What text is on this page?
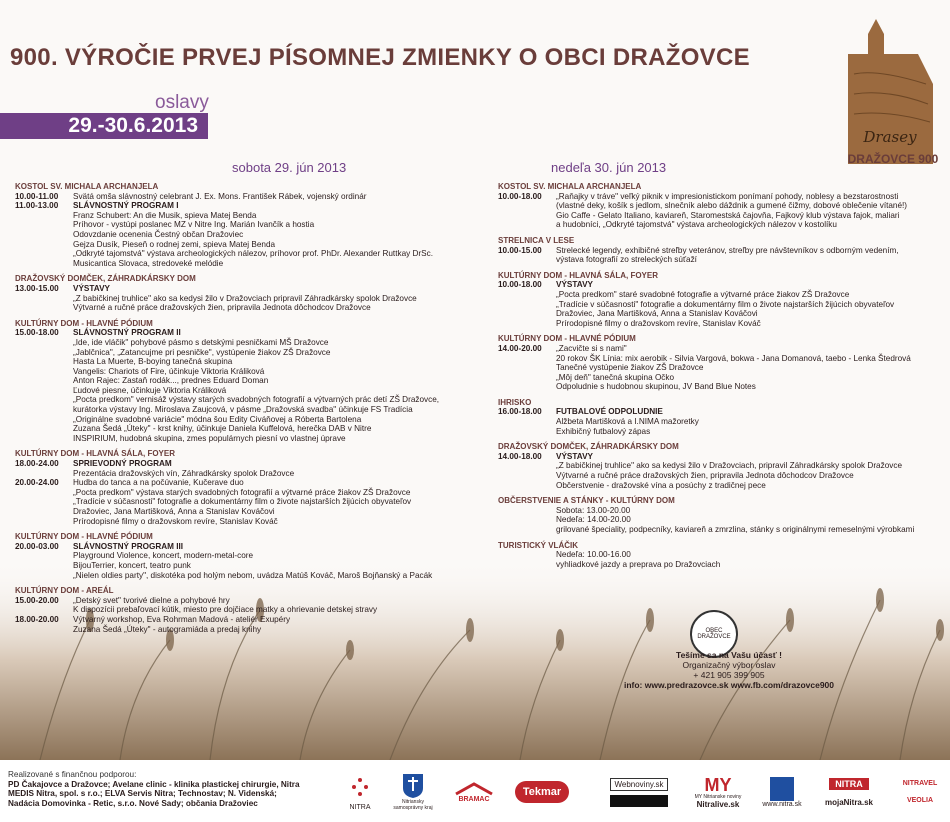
900. VÝROČIE PRVEJ PÍSOMNEJ ZMIENKY O OBCI DRAŽOVCE
oslavy
29.-30.6.2013	Drasey
DRAŽOVCE 900
sobota 29. jún 2013	nedeľa 30. jún 2013
KOSTOL SV. MICHALA ARCHANJELA
10.00-11.00	Svätá omša slávnostný celebrant J. Ex. Mons. František Rábek, vojenský ordinár
11.00-13.00	SLÁVNOSTNÝ PROGRAM I
Franz Schubert: An die Musik, spieva Matej Benda
Príhovor - vystúpi poslanec MZ v Nitre Ing. Marián Ivančík a hostia
Odovzdanie ocenenia Čestný občan Dražoviec
Gejza Dusík, Pieseň o rodnej zemi, spieva Matej Benda
„Odkryté tajomstvá" výstava archeologických nálezov, príhovor prof. PhDr. Alexander Ruttkay DrSc.
Musicantica Slovaca, stredoveké melódie
DRAŽOVSKÝ DOMČEK, ZÁHRADKÁRSKY DOM
13.00-15.00	VÝSTAVY
„Z babičkinej truhlice" ako sa kedysi žilo v Dražovciach pripravil Záhradkársky spolok Dražovce
Výtvarné a ručné práce dražovských žien, pripravila Jednota dôchodcov Dražovce
KULTÚRNY DOM - HLAVNÉ PÓDIUM
15.00-18.00	SLÁVNOSTNÝ PROGRAM II
„Ide, ide vláčik" pohybové pásmo s detskými pesničkami MŠ Dražovce
„Jablčnica", „Zatancujme pri pesničke", vystúpenie žiakov ZŠ Dražovce
Hasta La Muerte, B-boying tanečná skupina
Vangelis: Chariots of Fire, účinkuje Viktoria Králiková
Anton Rajec: Zastaň rodák..., prednes Eduard Doman
Ľudové piesne, účinkuje Viktoria Králiková
„Pocta predkom" vernisáž výstavy starých svadobných fotografií a výtvarných prác detí ZŠ Dražovce,
kurátorka výstavy Ing. Miroslava Zaujcová, v pásme „Dražovská svadba" účinkuje FS Tradícia
„Originálne svadobné variácie" módna šou Edity Civáňovej a Róberta Bartolena
Zuzana Šedá „Úteky" - krst knihy, účinkuje Daniela Kuffelová, herečka DAB v Nitre
INSPIRIUM, hudobná skupina, zmes populárnych piesní vo vlastnej úprave
KULTÚRNY DOM - HLAVNÁ SÁLA, FOYER
18.00-24.00	SPRIEVODNÝ PROGRAM
Prezentácia dražovských vín, Záhradkársky spolok Dražovce
20.00-24.00	Hudba do tanca a na počúvanie, Kučerave duo
„Pocta predkom" výstava starých svadobných fotografií a výtvarné práce žiakov ZŠ Dražovce
„Tradície v súčasnosti" fotografie a dokumentárny film o živote najstarších žijúcich obyvateľov
Dražoviec, Jana Martišková, Anna a Stanislav Kováčovi
Prírodopisné filmy o dražovskom revíre, Stanislav Kováč
KULTÚRNY DOM - HLAVNÉ PÓDIUM
20.00-03.00	SLÁVNOSTNÝ PROGRAM III
Playground Violence, koncert, modern-metal-core
BijouTerrier, koncert, teatro punk
„Nielen oldies party", diskotéka pod holým nebom, uvádza Matúš Kováč, Maroš Bojňanský a Pacák
KULTÚRNY DOM - AREÁL
15.00-20.00	„Detský svet" tvorivé dielne a pohybové hry
K dispozícii prebaľovací kútik, miesto pre dojčiace matky a ohrievanie detskej stravy
18.00-20.00	Výtvarný workshop, Eva Rohrman Madová - ateliér Exupéry
Zuzana Šedá „Úteky" - autogramiáda a predaj knihy
KOSTOL SV. MICHALA ARCHANJELA
10.00-18.00	„Raňajky v tráve" veľký piknik v impresionistickom ponímaní pohody, noblesy a bezstarostnosti
(vlastné deky, košík s jedlom, slnečník alebo dáždnik a gumené čižmy, dobové oblečenie vítané!)
Gio Caffe - Gelato Italiano, kaviareň, Staromestská čajovňa, Fajkový klub výstava fajok, maliari
a hudobníci, „Odkryté tajomstvá" výstava archeologických nálezov v kostolíku
STRELNICA V LESE
10.00-15.00	Strelecké legendy, exhibičné streľby veteránov, streľby pre návštevníkov s odborným vedením,
výstava fotografií zo streleckých súťaží
KULTÚRNY DOM - HLAVNÁ SÁLA, FOYER
10.00-18.00	VÝSTAVY
„Pocta predkom" staré svadobné fotografie a výtvarné práce žiakov ZŠ Dražovce
„Tradície v súčasnosti" fotografie a dokumentárny film o živote najstarších žijúcich obyvateľov
Dražoviec, Jana Martišková, Anna a Stanislav Kováčovi
Prírodopisné filmy o dražovskom revíre, Stanislav Kováč
KULTÚRNY DOM - HLAVNÉ PÓDIUM
14.00-20.00	„Zacvičte si s nami"
20 rokov ŠK Línia: mix aerobik - Silvia Vargová, bokwa - Jana Domanová, taebo - Lenka Štedrová
Tanečné vystúpenie žiakov ZŠ Dražovce
„Môj deň" tanečná skupina Očko
Odpoludnie s hudobnou skupinou, JV Band Blue Notes
IHRISKO
16.00-18.00	FUTBALOVÉ ODPOLUDNIE
Alžbeta Martišková a I.NIMA mažoretky
Exhibičný futbalový zápas
DRAŽOVSKÝ DOMČEK, ZÁHRADKÁRSKY DOM
14.00-18.00	VÝSTAVY
„Z babičkinej truhlice" ako sa kedysi žilo v Dražovciach, pripravil Záhradkársky spolok Dražovce
Výtvarné a ručné práce dražovských žien, pripravila Jednota dôchodcov Dražovce
Občerstvenie - dražovské vína a posúchy z tradičnej pece
OBČERSTVENIE A STÁNKY - KULTÚRNY DOM
Sobota: 13.00-20.00
Nedeľa: 14.00-20.00
grilované špeciality, podpecníky, kaviareň a zmrzlina, stánky s originálnymi remeselnými výrobkami
TURISTICKÝ VLÁČIK
Nedeľa: 10.00-16.00
vyhliadkové jazdy a preprava po Dražovciach
OBEC
DRAŽOVCE
Tešíme sa na Vašu účasť !
Organizačný výbor oslav
+ 421 905 399 905
info: www.predrazovce.sk www.fb.com/drazovce900
Realizované s finančnou podporou:
PD Čakajovce a Dražovce; Avelane clinic - klinika plastickej chirurgie, Nitra
MEDIS Nitra, spol. s r.o.; ELVA Servis Nitra; Technostav; N. Videnská;
Nadácia Domovinka - Retic, s.r.o. Nové Sady; občania Dražoviec	NITRA
Nitriansky samosprávny kraj
BRAMAC
Tekmar
Webnoviny.sk MY
MY Nitrianske noviny
Nitralive.sk	www.nitra.sk
NITRA
mojaNitra.sk
NITRAVEL
VEOLIA
